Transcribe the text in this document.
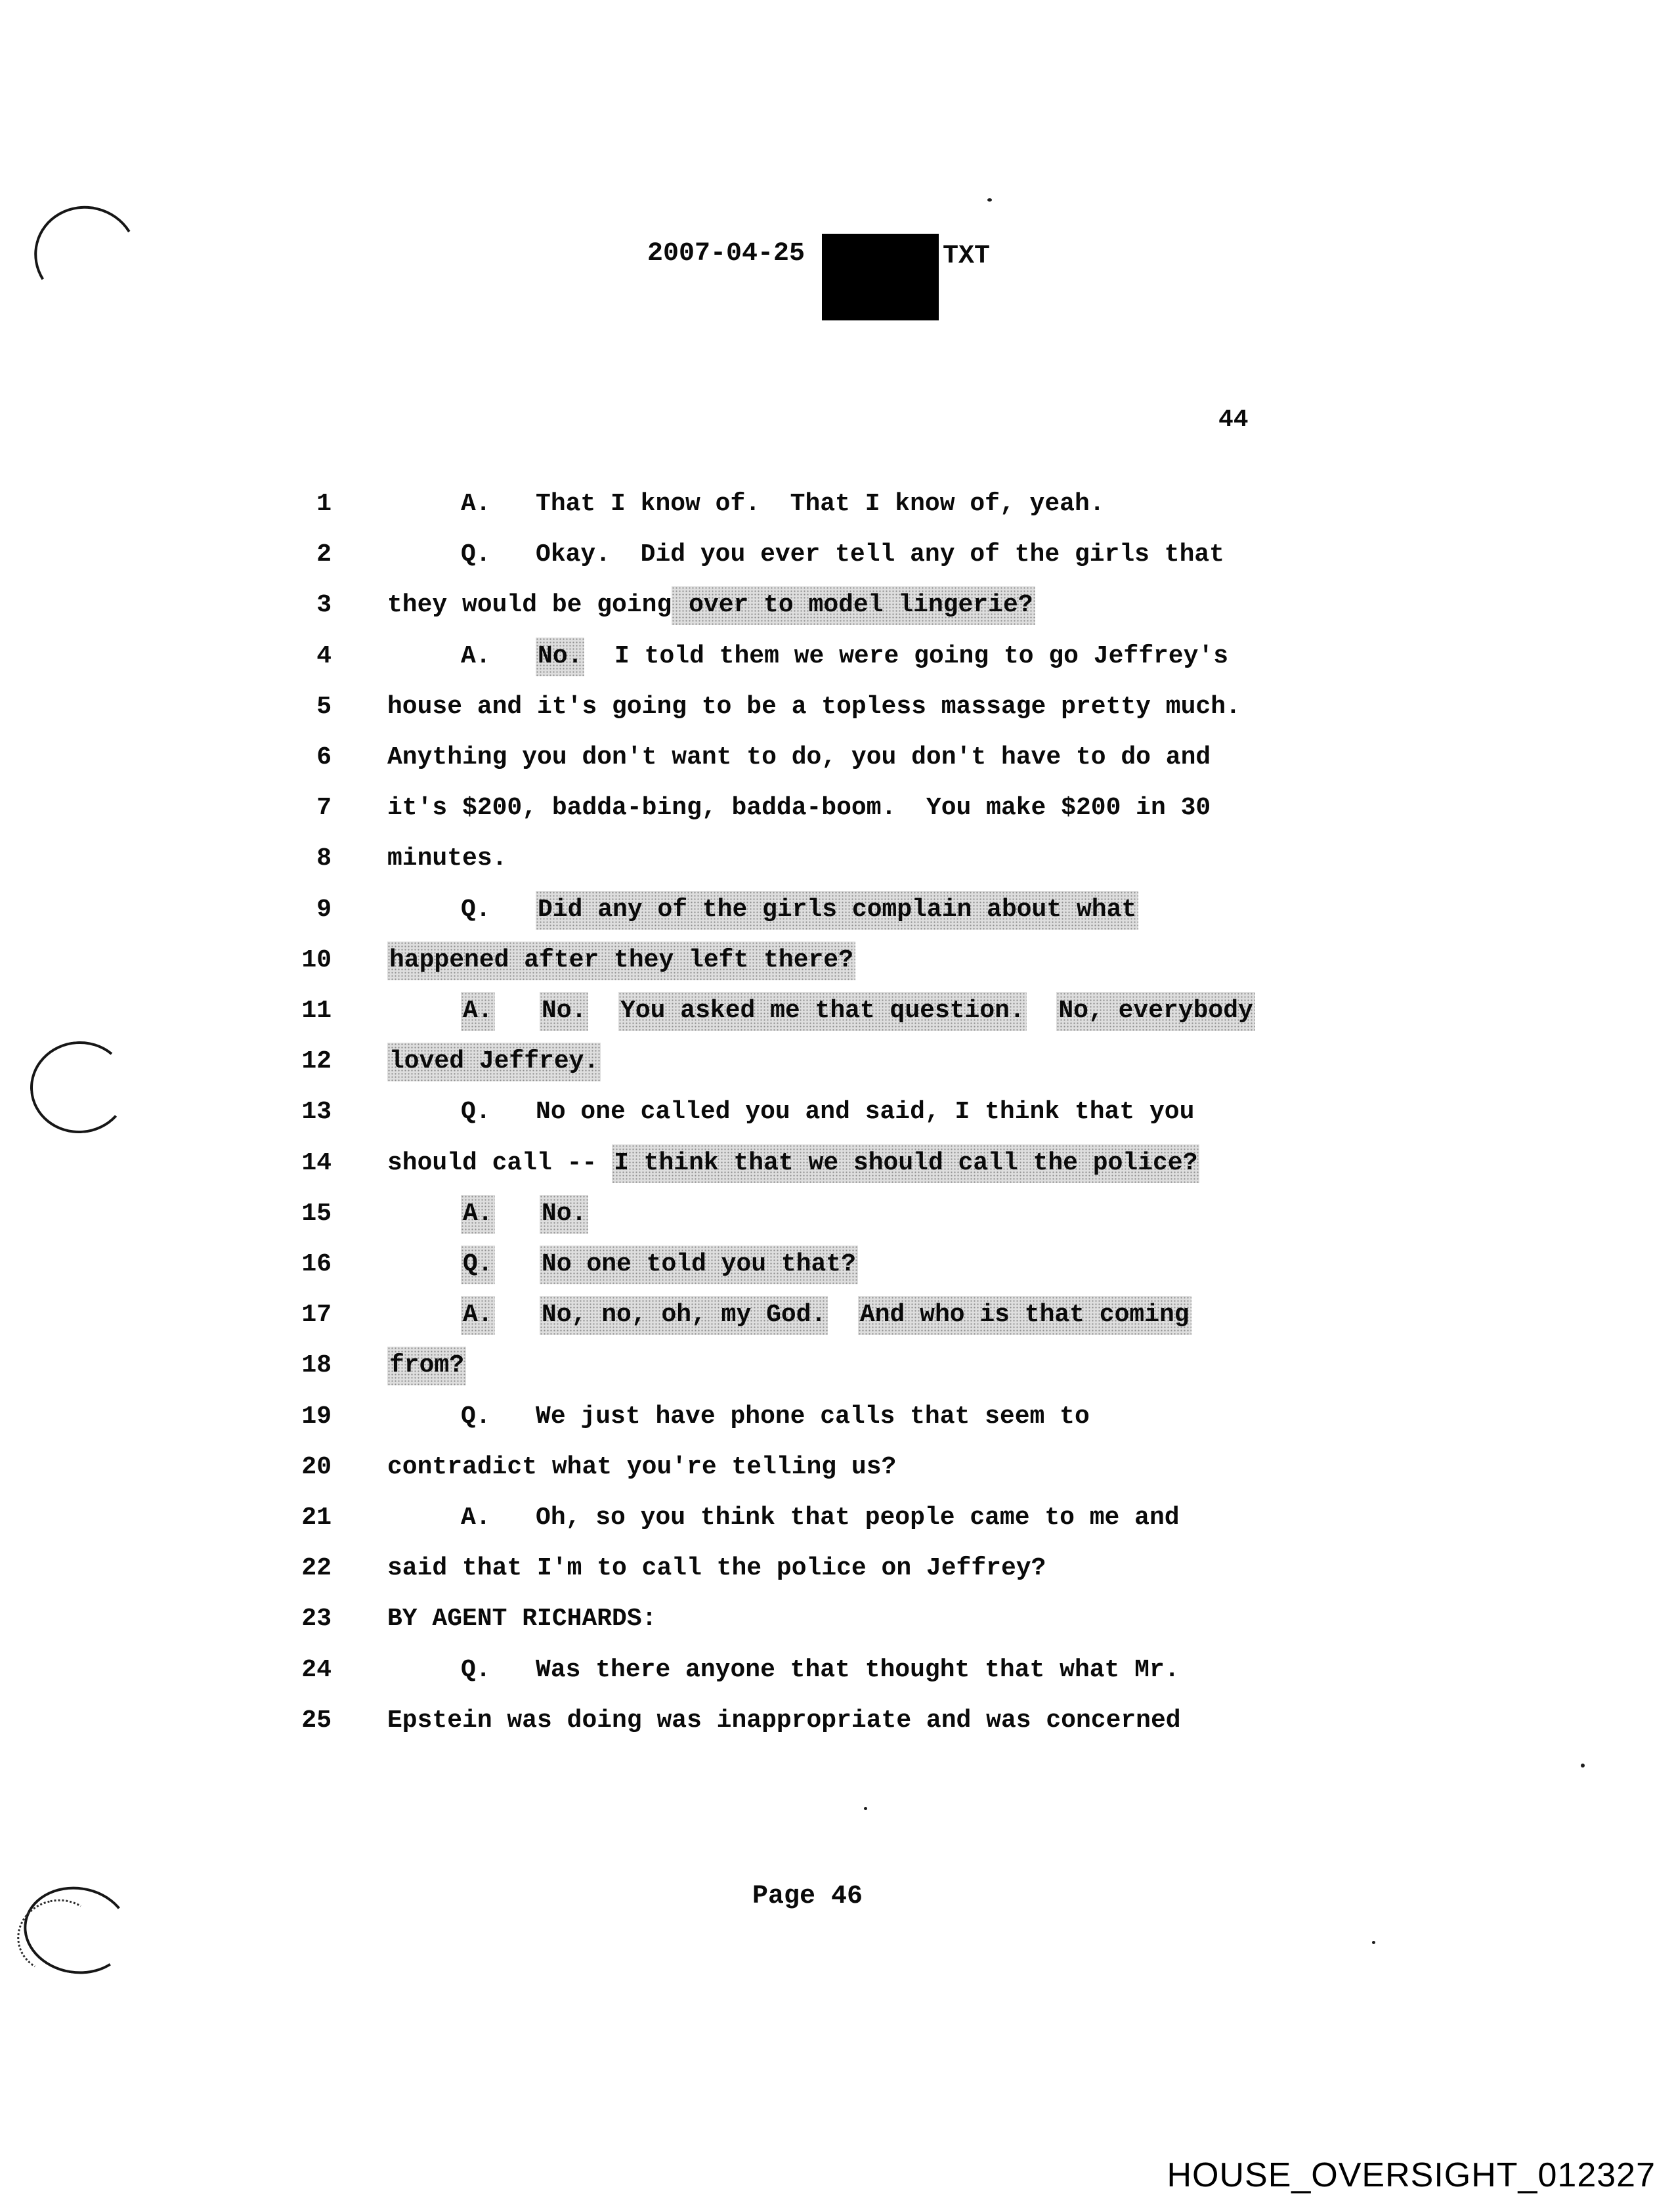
2007-04-25	TXT
44
1	A.   That I know of.  That I know of, yeah.
2	Q.   Okay.  Did you ever tell any of the girls that
3 they would be going over to model lingerie?
4	A.   No.  I told them we were going to go Jeffrey's
5 house and it's going to be a topless massage pretty much.
6 Anything you don't want to do, you don't have to do and
7 it's $200, badda-bing, badda-boom.  You make $200 in 30
8 minutes.
9	Q.   Did any of the girls complain about what
10 happened after they left there?
11	A. No. You asked me that question. No, everybody
12 loved Jeffrey.
13	Q.   No one called you and said, I think that you
14 should call -- I think that we should call the police?
15	A. No.
16	Q. No one told you that?
17	A. No, no, oh, my God. And who is that coming
18 from?
19	Q.   We just have phone calls that seem to
20 contradict what you're telling us?
21	A.   Oh, so you think that people came to me and
22 said that I'm to call the police on Jeffrey?
23 BY AGENT RICHARDS:
24	Q.   Was there anyone that thought that what Mr.
25 Epstein was doing was inappropriate and was concerned
Page 46
HOUSE_OVERSIGHT_012327
